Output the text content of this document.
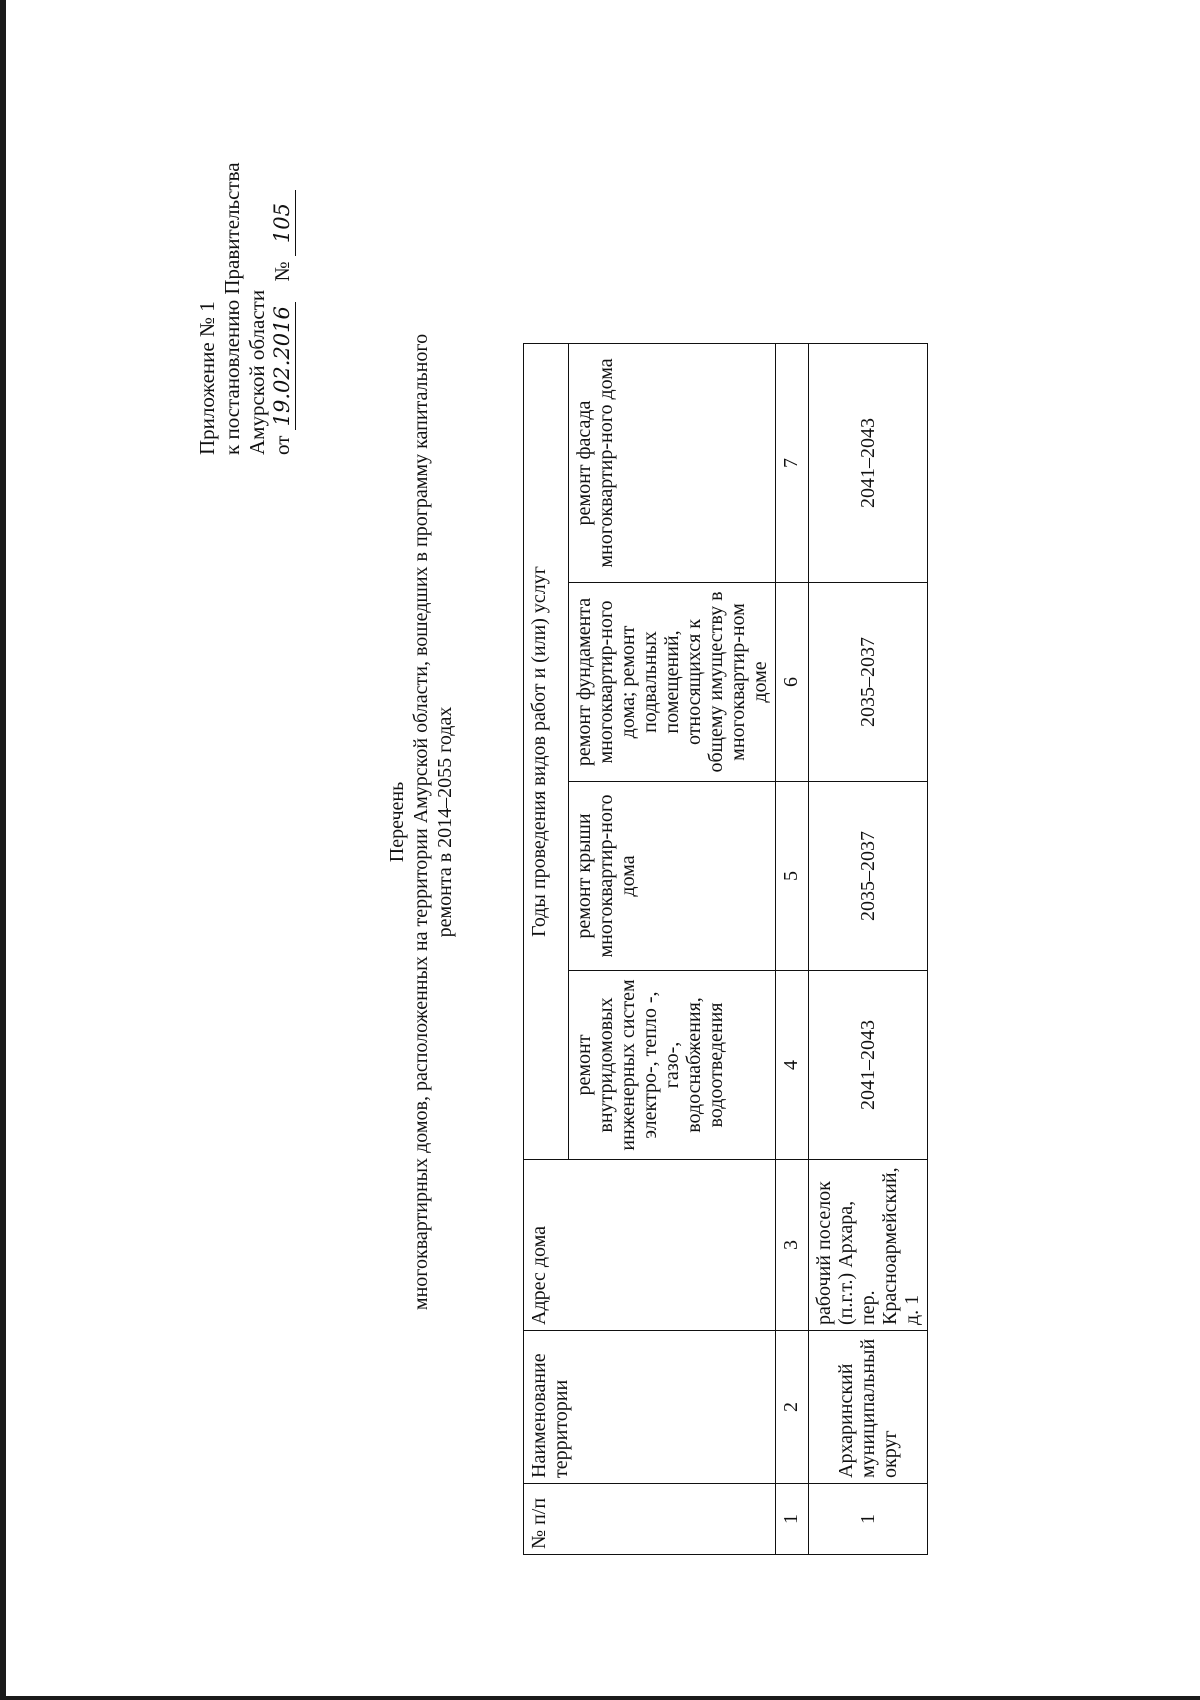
Приложение № 1 к постановлению Правительства Амурской области от 19.02.2016    № 105
Перечень многоквартирных домов, расположенных на территории Амурской области, вошедших в программу капитального ремонта в 2014–2055 годах
№ п/п	Наименование территории	Адрес дома	Годы проведения видов работ и (или) услуг			
			ремонт внутридомовых инженерных систем электро-, тепло -, газо-, водоснабжения, водоотведения	ремонт крыши многоквартир-ного дома	ремонт фундамента многоквартир-ного дома; ремонт подвальных помещений, относящихся к общему имуществу в многоквартир-ном доме	ремонт фасада многоквартир-ного дома
1	2	3	4	5	6	7
1	Архаринский муниципальный округ	рабочий поселок (п.г.т.) Архара, пер. Красноармейский, д. 1	2041–2043	2035–2037	2035–2037	2041–2043
